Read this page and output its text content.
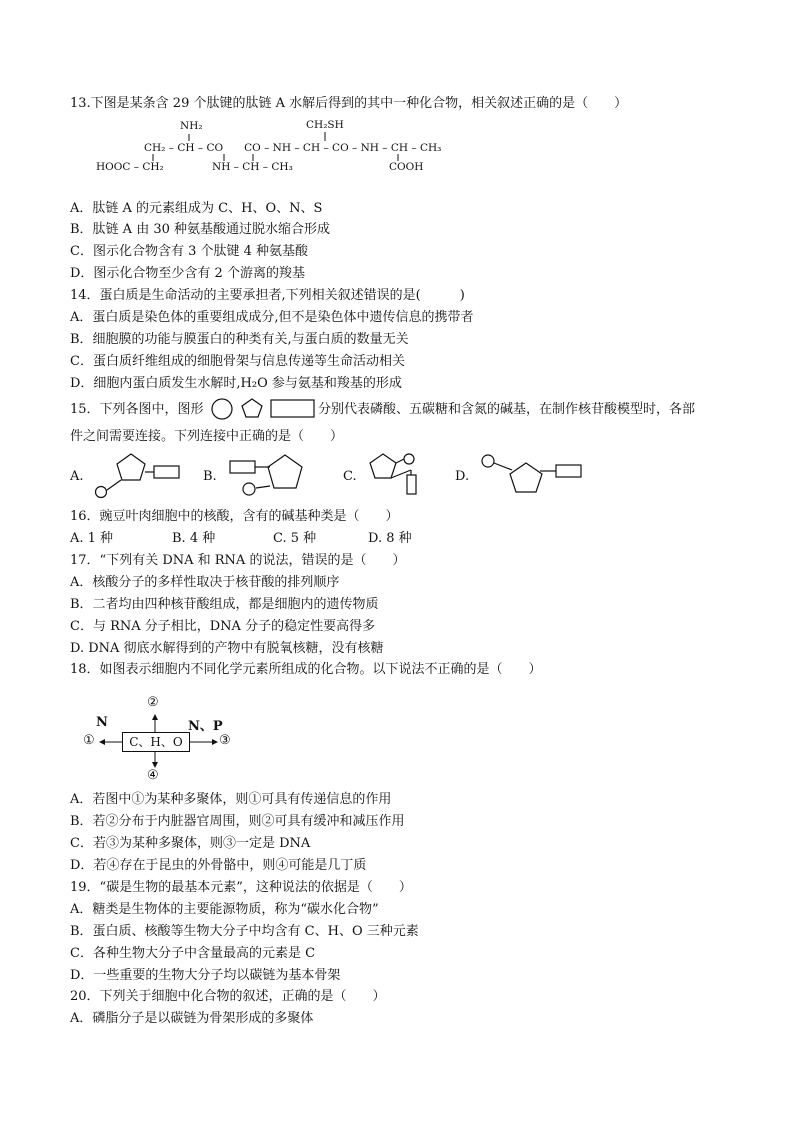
13.下图是某条含 29 个肽键的肽链 A 水解后得到的其中一种化合物，相关叙述正确的是（　　）
NH₂	CH₂SH
CH₂ – CH – CO　　CO – NH – CH – CO – NH – CH – CH₃
HOOC – CH₂	NH – CH – CH₃	COOH
A．肽链 A 的元素组成为 C、H、O、N、S
B．肽链 A 由 30 种氨基酸通过脱水缩合形成
C．图示化合物含有 3 个肽键 4 种氨基酸
D．图示化合物至少含有 2 个游离的羧基
14．蛋白质是生命活动的主要承担者,下列相关叙述错误的是(　　　)
A．蛋白质是染色体的重要组成成分,但不是染色体中遗传信息的携带者
B．细胞膜的功能与膜蛋白的种类有关,与蛋白质的数量无关
C．蛋白质纤维组成的细胞骨架与信息传递等生命活动相关
D．细胞内蛋白质发生水解时,H₂O 参与氨基和羧基的形成
15．下列各图中，图形	分别代表磷酸、五碳糖和含氮的碱基，在制作核苷酸模型时，各部
件之间需要连接。下列连接中正确的是（　　）
A.	B.	C.	D.
16．豌豆叶肉细胞中的核酸，含有的碱基种类是（　　）
A. 1 种	B. 4 种	C. 5 种	D. 8 种
17．“下列有关 DNA 和 RNA 的说法，错误的是（　　）
A．核酸分子的多样性取决于核苷酸的排列顺序
B．二者均由四种核苷酸组成，都是细胞内的遗传物质
C．与 RNA 分子相比，DNA 分子的稳定性要高得多
D. DNA 彻底水解得到的产物中有脱氧核糖，没有核糖
18．如图表示细胞内不同化学元素所组成的化合物。以下说法不正确的是（　　）
C、H、O
N	N、P
①
②
③
④
A．若图中①为某种多聚体，则①可具有传递信息的作用
B．若②分布于内脏器官周围，则②可具有缓冲和减压作用
C．若③为某种多聚体，则③一定是 DNA
D．若④存在于昆虫的外骨骼中，则④可能是几丁质
19．“碳是生物的最基本元素”，这种说法的依据是（　　）
A．糖类是生物体的主要能源物质，称为“碳水化合物”
B．蛋白质、核酸等生物大分子中均含有 C、H、O 三种元素
C．各种生物大分子中含量最高的元素是 C
D．一些重要的生物大分子均以碳链为基本骨架
20．下列关于细胞中化合物的叙述，正确的是（　　）
A．磷脂分子是以碳链为骨架形成的多聚体
